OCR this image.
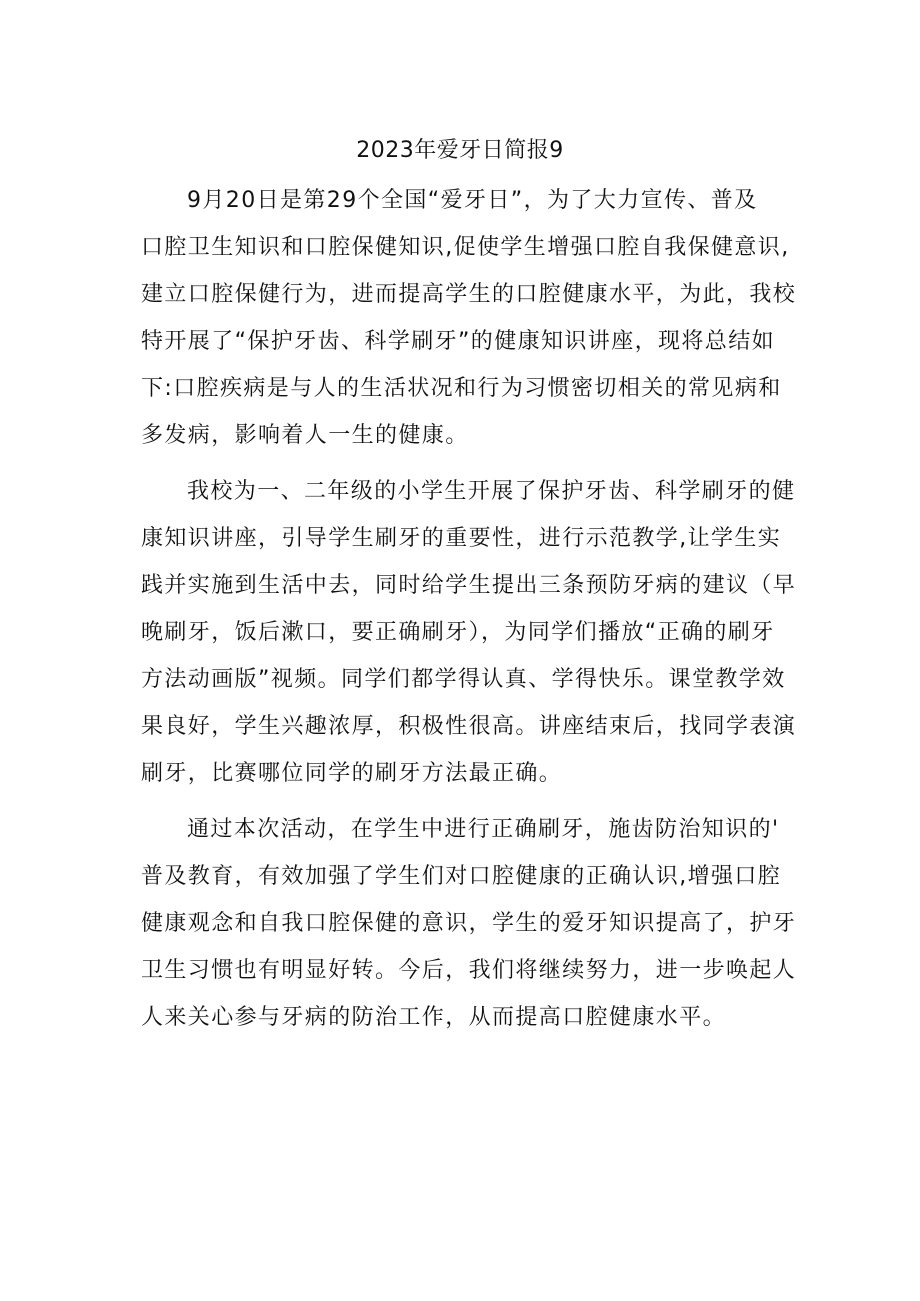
2023年爱牙日简报9
9月20日是第29个全国“爱牙日”，为了大力宣传、普及
口腔卫生知识和口腔保健知识,促使学生增强口腔自我保健意识,
建立口腔保健行为，进而提高学生的口腔健康水平，为此，我校
特开展了“保护牙齿、科学刷牙”的健康知识讲座，现将总结如
下:口腔疾病是与人的生活状况和行为习惯密切相关的常见病和
多发病，影响着人一生的健康。
我校为一、二年级的小学生开展了保护牙齿、科学刷牙的健
康知识讲座，引导学生刷牙的重要性，进行示范教学,让学生实
践并实施到生活中去，同时给学生提出三条预防牙病的建议（早
晚刷牙，饭后漱口，要正确刷牙），为同学们播放“正确的刷牙
方法动画版”视频。同学们都学得认真、学得快乐。课堂教学效
果良好，学生兴趣浓厚，积极性很高。讲座结束后，找同学表演
刷牙，比赛哪位同学的刷牙方法最正确。
通过本次活动，在学生中进行正确刷牙，施齿防治知识的'
普及教育，有效加强了学生们对口腔健康的正确认识,增强口腔
健康观念和自我口腔保健的意识，学生的爱牙知识提高了，护牙
卫生习惯也有明显好转。今后，我们将继续努力，进一步唤起人
人来关心参与牙病的防治工作，从而提高口腔健康水平。
